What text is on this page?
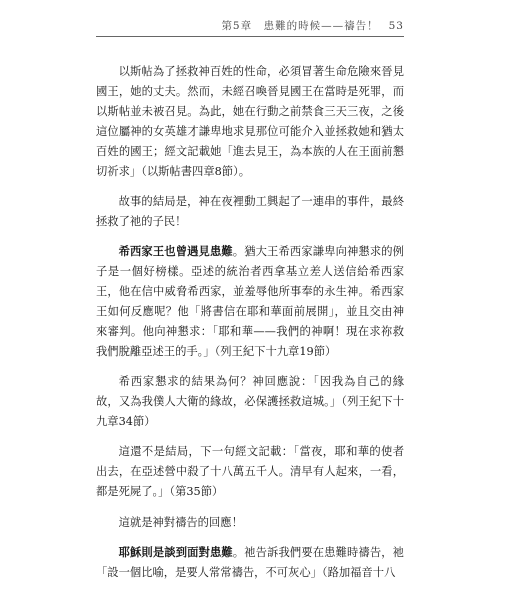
第5章　患難的時候——禱告！ 53

以斯帖為了拯救神百姓的性命，必須冒著生命危險來晉見國王，她的丈夫。然而，未經召喚晉見國王在當時是死罪，而以斯帖並未被召見。為此，她在行動之前禁食三天三夜，之後這位屬神的女英雄才謙卑地求見那位可能介入並拯救她和猶太百姓的國王；經文記載她「進去見王，為本族的人在王面前懇切祈求」（以斯帖書四章8節）。

故事的結局是，神在夜裡動工興起了一連串的事件，最終拯救了祂的子民！

希西家王也曾遇見患難。猶大王希西家謙卑向神懇求的例子是一個好榜樣。亞述的統治者西拿基立差人送信給希西家王，他在信中威脅希西家，並羞辱他所事奉的永生神。希西家王如何反應呢？他「將書信在耶和華面前展開」，並且交由神來審判。他向神懇求：「耶和華——我們的神啊！現在求祢救我們脫離亞述王的手。」（列王紀下十九章19節）

希西家懇求的結果為何？神回應說：「因我為自己的緣故，又為我僕人大衛的緣故，必保護拯救這城。」（列王紀下十九章34節）

這還不是結局，下一句經文記載：「當夜，耶和華的使者出去，在亞述營中殺了十八萬五千人。清早有人起來，一看，都是死屍了。」（第35節）

這就是神對禱告的回應！

耶穌則是談到面對患難。祂告訴我們要在患難時禱告，祂「設一個比喻，是要人常常禱告，不可灰心」（路加福音十八
